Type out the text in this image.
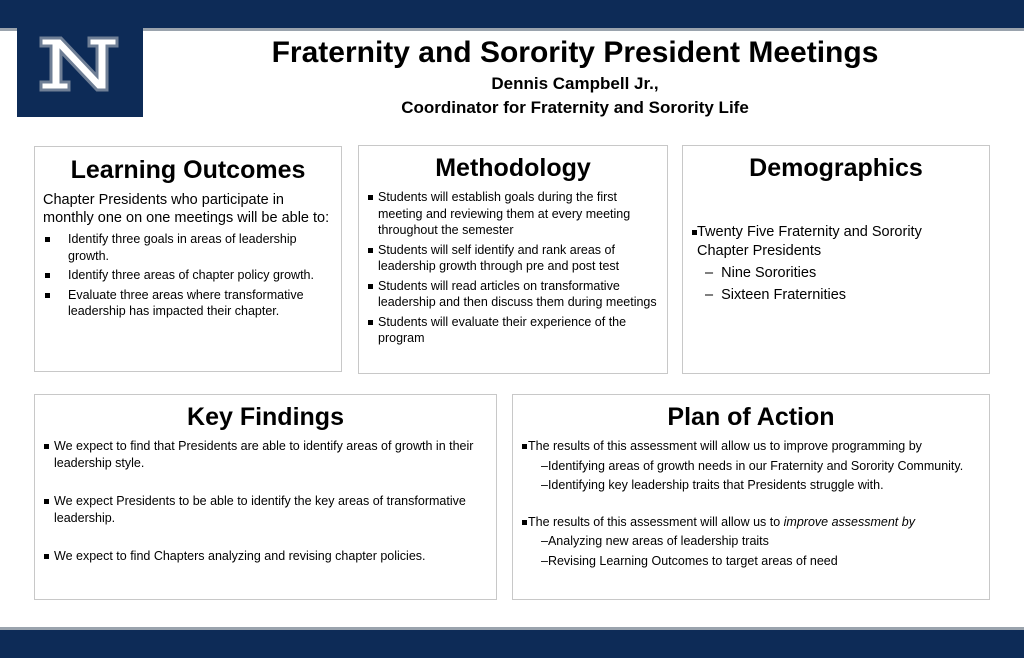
Fraternity and Sorority President Meetings
Dennis Campbell Jr.,
Coordinator for Fraternity and Sorority Life
Learning Outcomes
Chapter Presidents who participate in monthly one on one meetings will be able to:
Identify three goals in areas of leadership growth.
Identify three areas of chapter policy growth.
Evaluate three areas where transformative leadership has impacted their chapter.
Methodology
Students will establish goals during the first meeting and reviewing them at every meeting throughout the semester
Students will self identify and rank areas of leadership growth through pre and post test
Students will read articles on transformative leadership and then discuss them during meetings
Students will evaluate their experience of the program
Demographics
Twenty Five Fraternity and Sorority Chapter Presidents
–  Nine Sororities
–  Sixteen Fraternities
Key Findings
We expect to find that Presidents are able to identify areas of growth in their leadership style.
We expect Presidents to be able to identify the key areas of transformative leadership.
We expect to find Chapters analyzing and revising chapter policies.
Plan of Action
The results of this assessment will allow us to improve programming by
–Identifying areas of growth needs in our Fraternity and Sorority Community.
–Identifying key leadership traits that Presidents struggle with.
The results of this assessment will allow us to improve assessment by
–Analyzing new areas of leadership traits
–Revising Learning Outcomes to target areas of need
